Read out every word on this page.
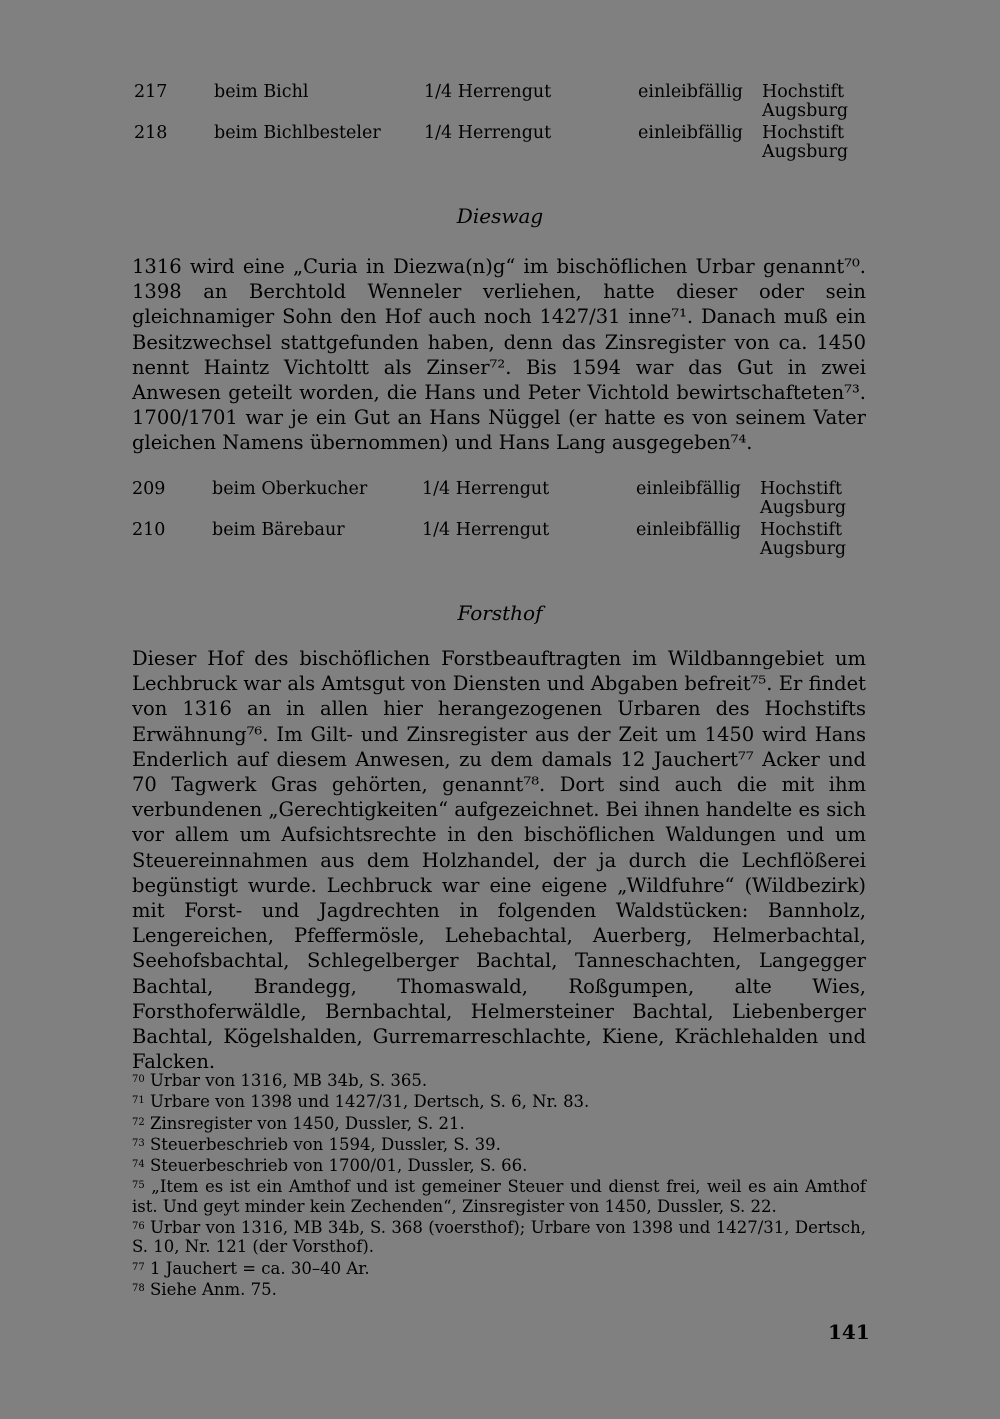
217	beim Bichl	1/4 Herrengut	einleibfällig Hochstift
Augsburg
218	beim Bichlbesteler 1/4 Herrengut	einleibfällig Hochstift
Augsburg
Dieswag

1316 wird eine „Curia in Diezwa(n)g“ im bischöflichen Urbar genannt⁷⁰. 1398 an Berchtold Wenneler verliehen, hatte dieser oder sein gleichnamiger Sohn den Hof auch noch 1427/31 inne⁷¹. Danach muß ein Besitzwechsel stattgefunden haben, denn das Zinsregister von ca. 1450 nennt Haintz Vichtoltt als Zinser⁷². Bis 1594 war das Gut in zwei Anwesen geteilt worden, die Hans und Peter Vichtold bewirtschafteten⁷³. 1700/1701 war je ein Gut an Hans Nüggel (er hatte es von seinem Vater gleichen Namens übernommen) und Hans Lang ausgegeben⁷⁴.

209	beim Oberkucher	1/4 Herrengut	einleibfällig Hochstift
Augsburg
210	beim Bärebaur	1/4 Herrengut	einleibfällig Hochstift
Augsburg
Forsthof

Dieser Hof des bischöflichen Forstbeauftragten im Wildbanngebiet um Lechbruck war als Amtsgut von Diensten und Abgaben befreit⁷⁵. Er findet von 1316 an in allen hier herangezogenen Urbaren des Hochstifts Erwähnung⁷⁶. Im Gilt- und Zinsregister aus der Zeit um 1450 wird Hans Enderlich auf diesem Anwesen, zu dem damals 12 Jauchert⁷⁷ Acker und 70 Tagwerk Gras gehörten, genannt⁷⁸. Dort sind auch die mit ihm verbundenen „Gerechtigkeiten“ aufgezeichnet. Bei ihnen handelte es sich vor allem um Aufsichtsrechte in den bischöflichen Waldungen und um Steuereinnahmen aus dem Holzhandel, der ja durch die Lechflößerei begünstigt wurde. Lechbruck war eine eigene „Wildfuhre“ (Wildbezirk) mit Forst- und Jagdrechten in folgenden Waldstücken: Bannholz, Lengereichen, Pfeffermösle, Lehebachtal, Auerberg, Helmerbachtal, Seehofsbachtal, Schlegelberger Bachtal, Tanneschachten, Langegger Bachtal, Brandegg, Thomaswald, Roßgumpen, alte Wies, Forsthoferwäldle, Bernbachtal, Helmersteiner Bachtal, Liebenberger Bachtal, Kögelshalden, Gurremarreschlachte, Kiene, Krächlehalden und Falcken.

$^{70}$ Urbar von 1316, MB 34b, S. 365.

$^{71}$ Urbare von 1398 und 1427/31, Dertsch, S. 6, Nr. 83.

$^{72}$ Zinsregister von 1450, Dussler, S. 21.

$^{73}$ Steuerbeschrieb von 1594, Dussler, S. 39.

$^{74}$ Steuerbeschrieb von 1700/01, Dussler, S. 66.

$^{75}$ „Item es ist ein Amthof und ist gemeiner Steuer und dienst frei, weil es ain Amthof ist. Und geyt minder kein Zechenden“, Zinsregister von 1450, Dussler, S. 22.

$^{76}$ Urbar von 1316, MB 34b, S. 368 (voersthof); Urbare von 1398 und 1427/31, Dertsch, S. 10, Nr. 121 (der Vorsthof).

$^{77}$ 1 Jauchert = ca. 30–40 Ar.

$^{78}$ Siehe Anm. 75.

141
